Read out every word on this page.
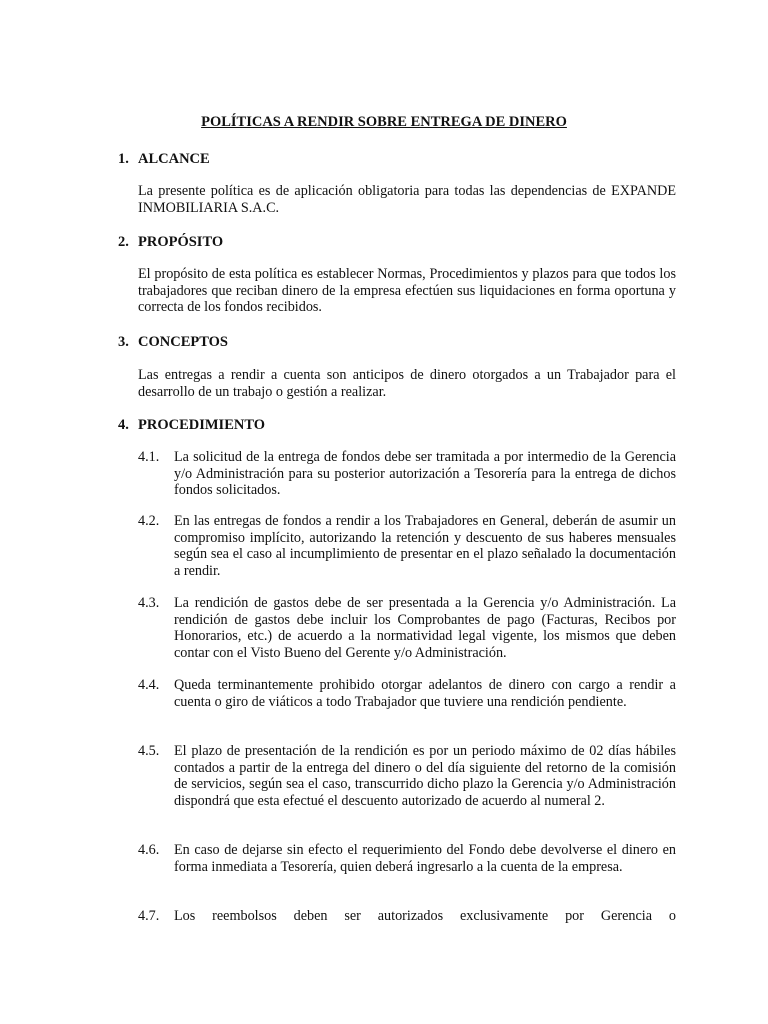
POLÍTICAS A RENDIR SOBRE ENTREGA DE DINERO
1. ALCANCE
La presente política es de aplicación obligatoria para todas las dependencias de EXPANDE INMOBILIARIA S.A.C.
2. PROPÓSITO
El propósito de esta política es establecer Normas, Procedimientos y plazos para que todos los trabajadores que reciban dinero de la empresa efectúen sus liquidaciones en forma oportuna y correcta de los fondos recibidos.
3. CONCEPTOS
Las entregas a rendir a cuenta son anticipos de dinero otorgados a un Trabajador para el desarrollo de un trabajo o gestión a realizar.
4. PROCEDIMIENTO
4.1.	La solicitud de la entrega de fondos debe ser tramitada a por intermedio de la Gerencia y/o Administración para su posterior autorización a Tesorería para la entrega de dichos fondos solicitados.
4.2.	En las entregas de fondos a rendir a los Trabajadores en General, deberán de asumir un compromiso implícito, autorizando la retención y descuento de sus haberes mensuales según sea el caso al incumplimiento de presentar en el plazo señalado la documentación a rendir.
4.3.	La rendición de gastos debe de ser presentada a la Gerencia y/o Administración. La rendición de gastos debe incluir los Comprobantes de pago (Facturas, Recibos por Honorarios, etc.) de acuerdo a la normatividad legal vigente, los mismos que deben contar con el Visto Bueno del Gerente y/o Administración.
4.4.	Queda terminantemente prohibido otorgar adelantos de dinero con cargo a rendir a cuenta o giro de viáticos a todo Trabajador que tuviere una rendición pendiente.
4.5.	El plazo de presentación de la rendición es por un periodo máximo de 02 días hábiles contados a partir de la entrega del dinero o del día siguiente del retorno de la comisión de servicios, según sea el caso, transcurrido dicho plazo la Gerencia y/o Administración dispondrá que esta efectué el descuento autorizado de acuerdo al numeral 2.
4.6.	En caso de dejarse sin efecto el requerimiento del Fondo debe devolverse el dinero en forma inmediata a Tesorería, quien deberá ingresarlo a la cuenta de la empresa.
4.7.	Los reembolsos deben ser autorizados exclusivamente por Gerencia o
